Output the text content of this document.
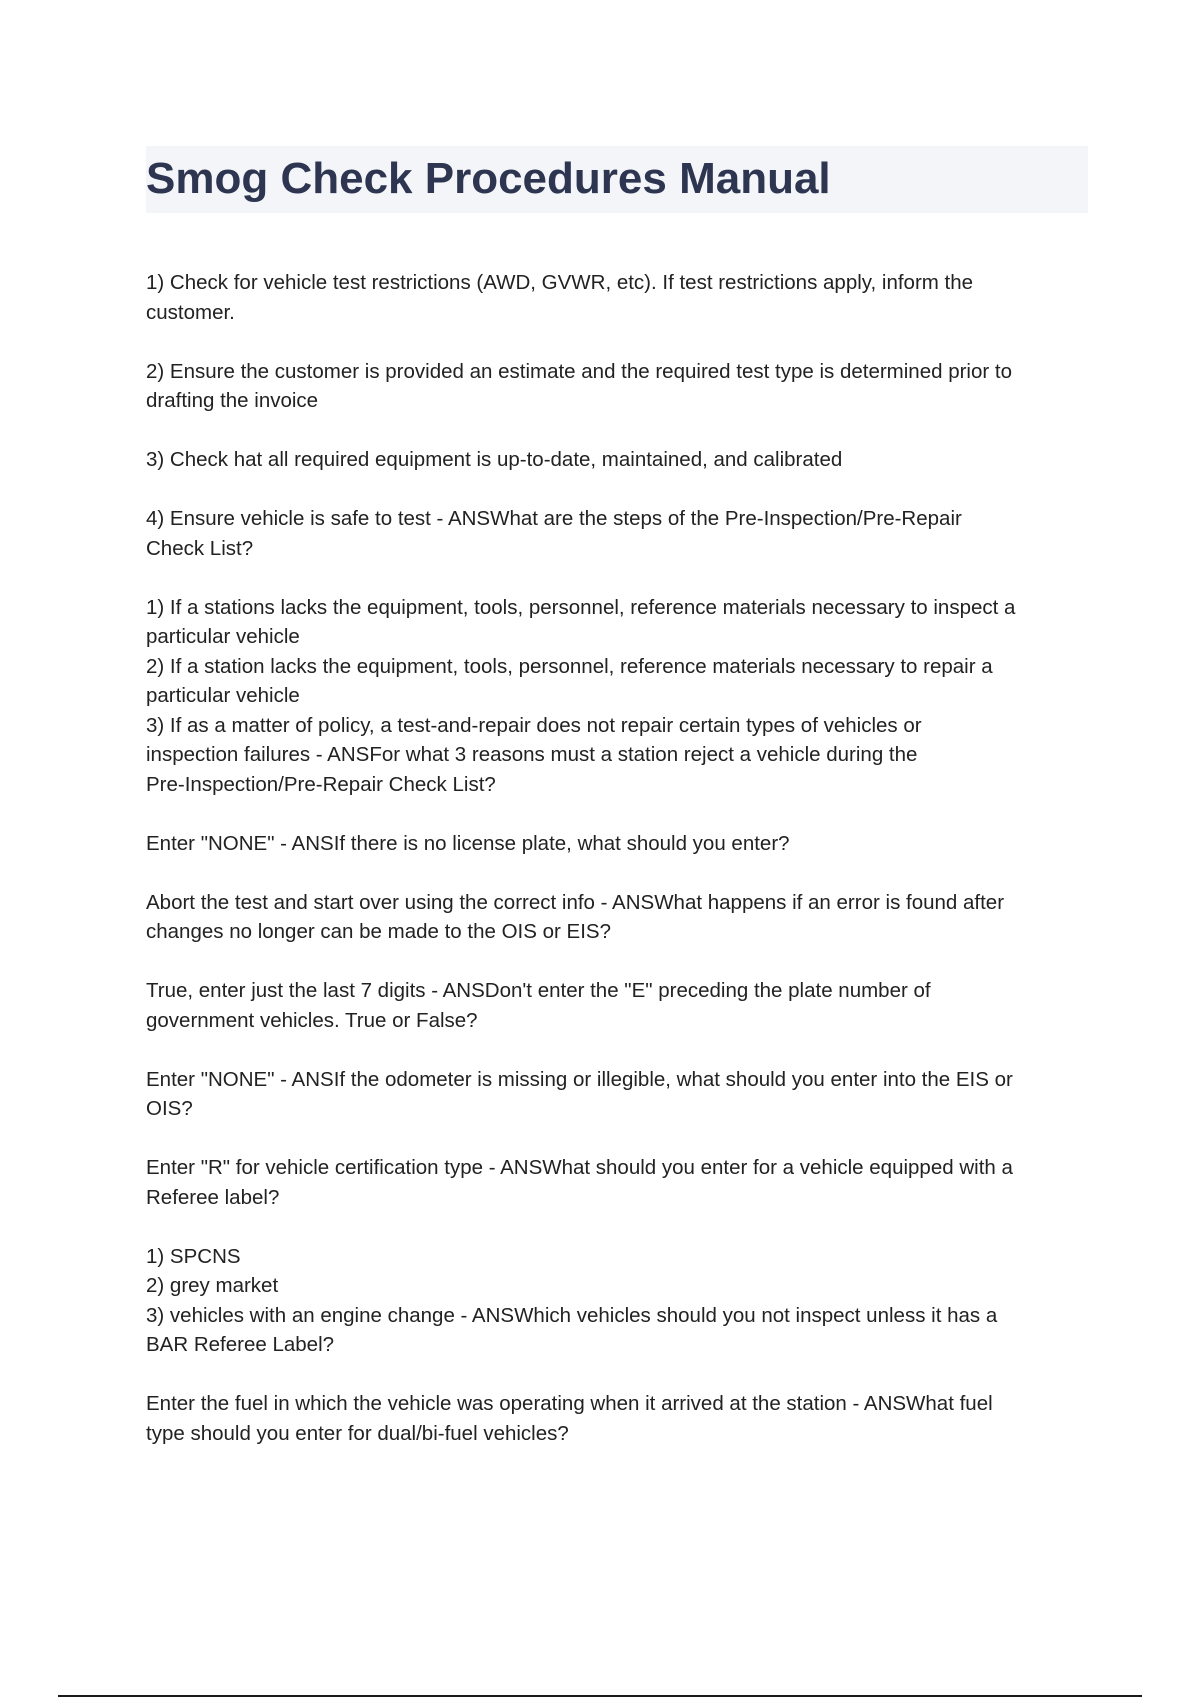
Smog Check Procedures Manual

1) Check for vehicle test restrictions (AWD, GVWR, etc). If test restrictions apply, inform the
customer.

2) Ensure the customer is provided an estimate and the required test type is determined prior to
drafting the invoice

3) Check hat all required equipment is up-to-date, maintained, and calibrated

4) Ensure vehicle is safe to test - ANSWhat are the steps of the Pre-Inspection/Pre-Repair
Check List?

1) If a stations lacks the equipment, tools, personnel, reference materials necessary to inspect a
particular vehicle
2) If a station lacks the equipment, tools, personnel, reference materials necessary to repair a
particular vehicle
3) If as a matter of policy, a test-and-repair does not repair certain types of vehicles or
inspection failures - ANSFor what 3 reasons must a station reject a vehicle during the
Pre-Inspection/Pre-Repair Check List?

Enter "NONE" - ANSIf there is no license plate, what should you enter?

Abort the test and start over using the correct info - ANSWhat happens if an error is found after
changes no longer can be made to the OIS or EIS?

True, enter just the last 7 digits - ANSDon't enter the "E" preceding the plate number of
government vehicles. True or False?

Enter "NONE" - ANSIf the odometer is missing or illegible, what should you enter into the EIS or
OIS?

Enter "R" for vehicle certification type - ANSWhat should you enter for a vehicle equipped with a
Referee label?

1) SPCNS
2) grey market
3) vehicles with an engine change - ANSWhich vehicles should you not inspect unless it has a
BAR Referee Label?

Enter the fuel in which the vehicle was operating when it arrived at the station - ANSWhat fuel
type should you enter for dual/bi-fuel vehicles?
